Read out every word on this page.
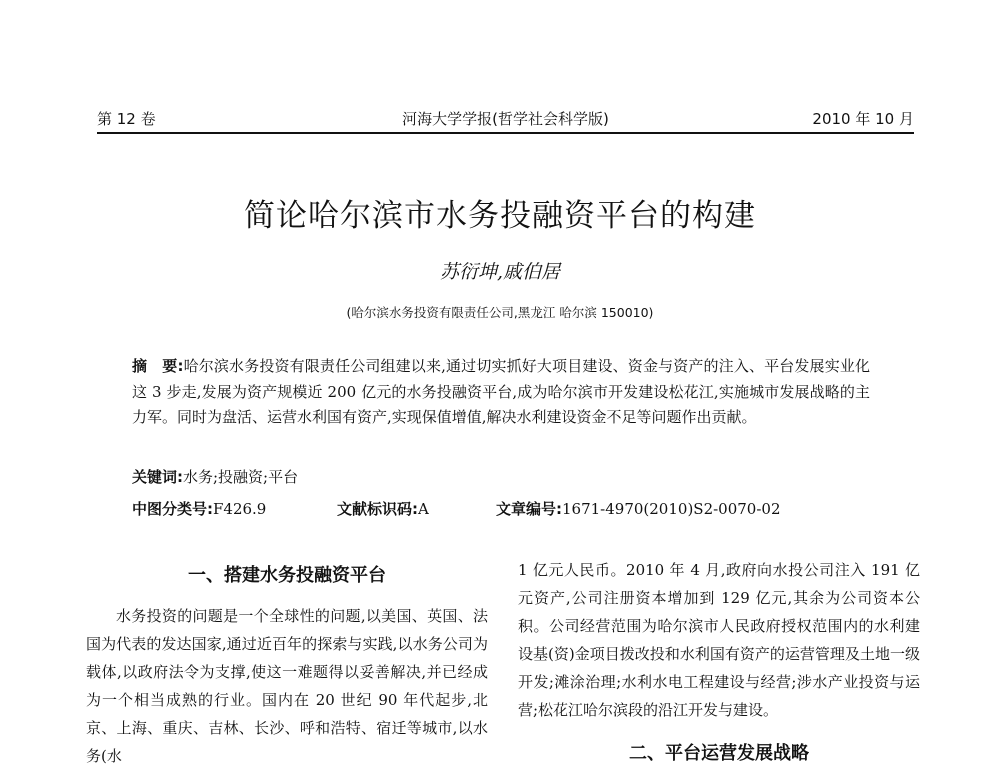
第 12 卷	河海大学学报(哲学社会科学版)	2010 年 10 月
简论哈尔滨市水务投融资平台的构建
苏衍坤,戚伯居
(哈尔滨水务投资有限责任公司,黑龙江 哈尔滨 150010)
摘　要:哈尔滨水务投资有限责任公司组建以来,通过切实抓好大项目建设、资金与资产的注入、平台发展实业化这 3 步走,发展为资产规模近 200 亿元的水务投融资平台,成为哈尔滨市开发建设松花江,实施城市发展战略的主力军。同时为盘活、运营水利国有资产,实现保值增值,解决水利建设资金不足等问题作出贡献。
关键词:水务;投融资;平台
中图分类号:F426.9	文献标识码:A	文章编号:1671-4970(2010)S2-0070-02
一、搭建水务投融资平台

水务投资的问题是一个全球性的问题,以美国、英国、法国为代表的发达国家,通过近百年的探索与实践,以水务公司为载体,以政府法令为支撑,使这一难题得以妥善解决,并已经成为一个相当成熟的行业。国内在 20 世纪 90 年代起步,北京、上海、重庆、吉林、长沙、呼和浩特、宿迁等城市,以水务(水

1 亿元人民币。2010 年 4 月,政府向水投公司注入 191 亿元资产,公司注册资本增加到 129 亿元,其余为公司资本公积。公司经营范围为哈尔滨市人民政府授权范围内的水利建设基(资)金项目拨改投和水利国有资产的运营管理及土地一级开发;滩涂治理;水利水电工程建设与经营;涉水产业投资与运营;松花江哈尔滨段的沿江开发与建设。

二、平台运营发展战略
